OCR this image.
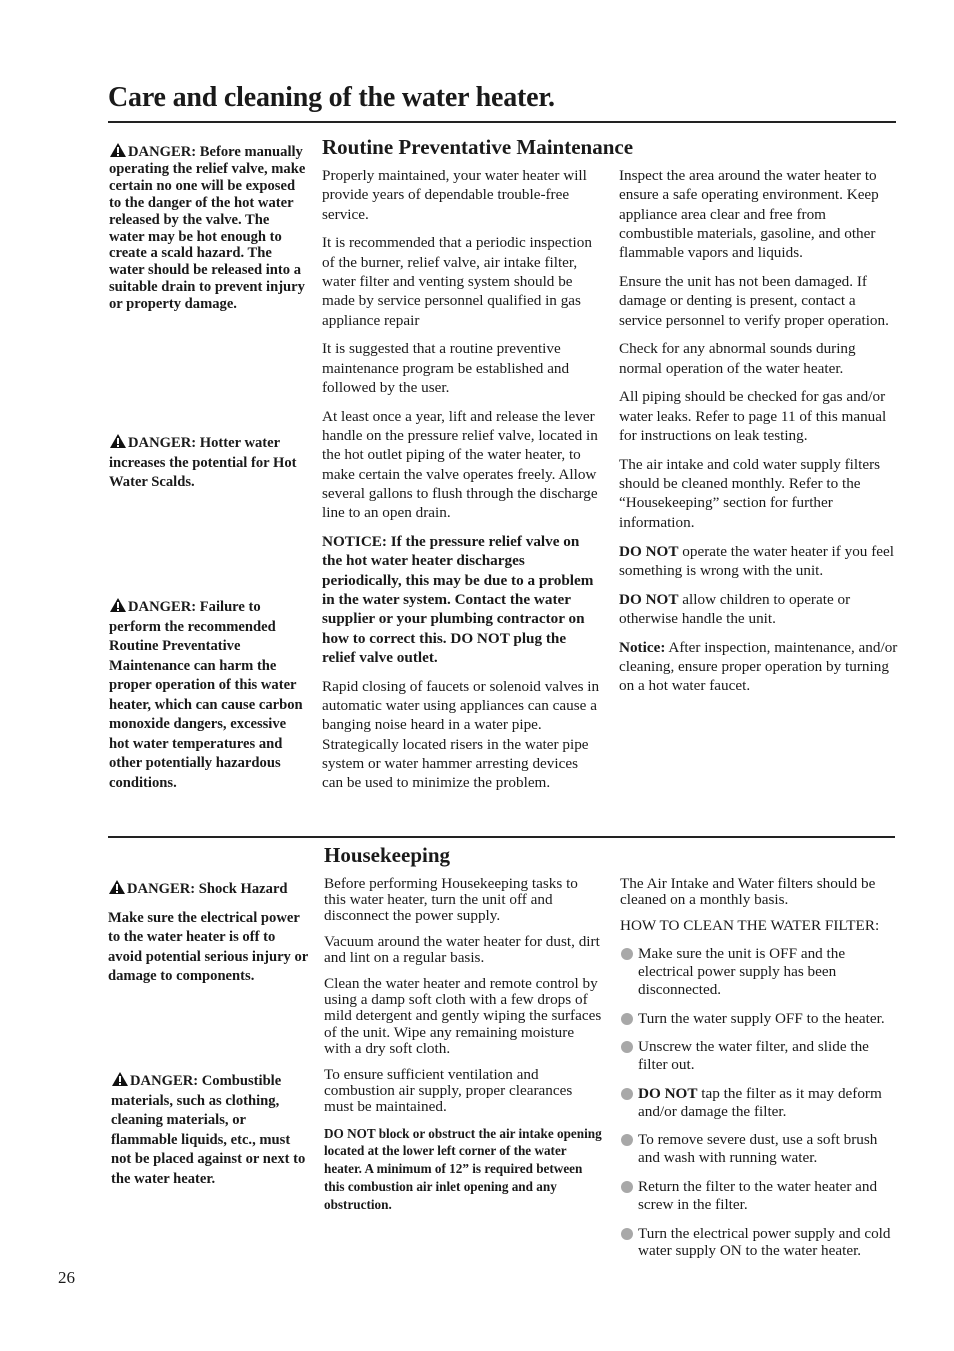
Care and cleaning of the water heater.
Routine Preventative Maintenance
DANGER: Before manually operating the relief valve, make certain no one will be exposed to the danger of the hot water released by the valve. The water may be hot enough to create a scald hazard. The water should be released into a suitable drain to prevent injury or property damage.
DANGER: Hotter water increases the potential for Hot Water Scalds.
DANGER: Failure to perform the recommended Routine Preventative Maintenance can harm the proper operation of this water heater, which can cause carbon monoxide dangers, excessive hot water temperatures and other potentially hazardous conditions.

Properly maintained, your water heater will provide years of dependable trouble-free service.

It is recommended that a periodic inspection of the burner, relief valve, air intake filter, water filter and venting system should be made by service personnel qualified in gas appliance repair

It is suggested that a routine preventive maintenance program be established and followed by the user.

At least once a year, lift and release the lever handle on the pressure relief valve, located in the hot outlet piping of the water heater, to make certain the valve operates freely. Allow several gallons to flush through the discharge line to an open drain.

NOTICE: If the pressure relief valve on the hot water heater discharges periodically, this may be due to a problem in the water system. Contact the water supplier or your plumbing contractor on how to correct this. DO NOT plug the relief valve outlet.

Rapid closing of faucets or solenoid valves in automatic water using appliances can cause a banging noise heard in a water pipe. Strategically located risers in the water pipe system or water hammer arresting devices can be used to minimize the problem.

Inspect the area around the water heater to ensure a safe operating environment. Keep appliance area clear and free from combustible materials, gasoline, and other flammable vapors and liquids.

Ensure the unit has not been damaged. If damage or denting is present, contact a service personnel to verify proper operation.

Check for any abnormal sounds during normal operation of the water heater.

All piping should be checked for gas and/or water leaks. Refer to page 11 of this manual for instructions on leak testing.

The air intake and cold water supply filters should be cleaned monthly. Refer to the “Housekeeping” section for further information.

DO NOT operate the water heater if you feel something is wrong with the unit.

DO NOT allow children to operate or otherwise handle the unit.

Notice: After inspection, maintenance, and/or cleaning, ensure proper operation by turning on a hot water faucet.

Housekeeping
DANGER: Shock Hazard
Make sure the electrical power to the water heater is off to avoid potential serious injury or damage to components.
DANGER: Combustible materials, such as clothing, cleaning materials, or flammable liquids, etc., must not be placed against or next to the water heater.

Before performing Housekeeping tasks to this water heater, turn the unit off and disconnect the power supply.

Vacuum around the water heater for dust, dirt and lint on a regular basis.

Clean the water heater and remote control by using a damp soft cloth with a few drops of mild detergent and gently wiping the surfaces of the unit. Wipe any remaining moisture with a dry soft cloth.

To ensure sufficient ventilation and combustion air supply, proper clearances must be maintained.

DO NOT block or obstruct the air intake opening located at the lower left corner of the water heater. A minimum of 12” is required between this combustion air inlet opening and any obstruction.

The Air Intake and Water filters should be cleaned on a monthly basis.

HOW TO CLEAN THE WATER FILTER:

Make sure the unit is OFF and the electrical power supply has been disconnected.
Turn the water supply OFF to the heater.
Unscrew the water filter, and slide the filter out.
DO NOT tap the filter as it may deform and/or damage the filter.
To remove severe dust, use a soft brush and wash with running water.
Return the filter to the water heater and screw in the filter.
Turn the electrical power supply and cold water supply ON to the water heater.
26
